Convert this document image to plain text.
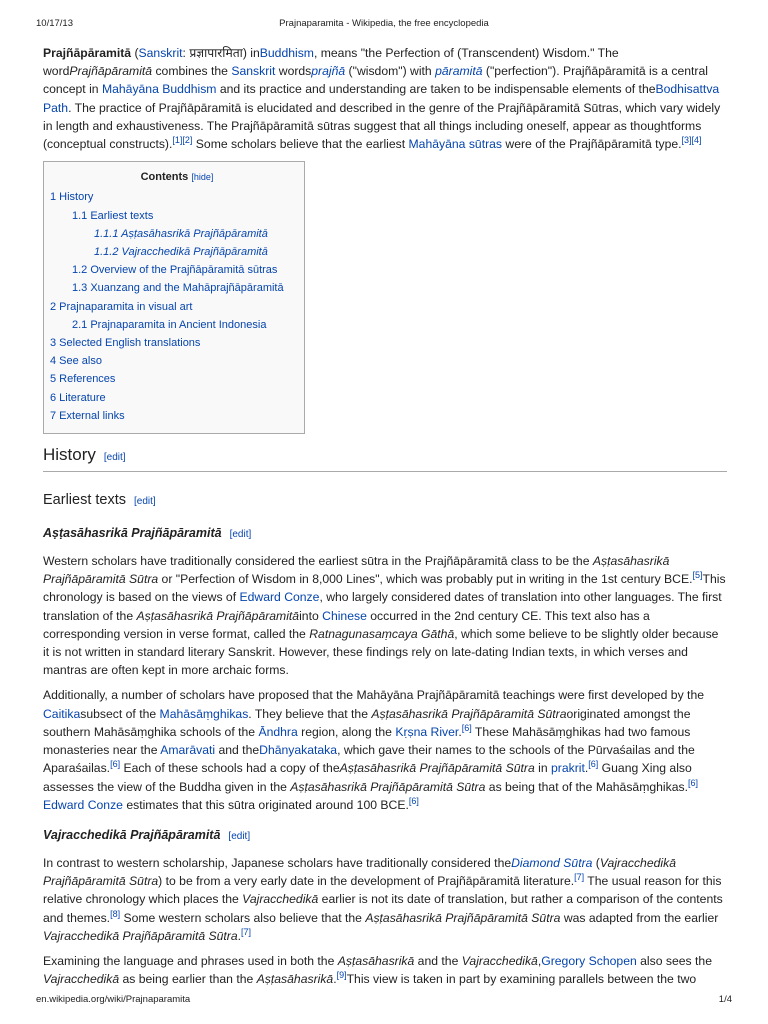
10/17/13	Prajnaparamita - Wikipedia, the free encyclopedia

Prajñāpāramitā (Sanskrit: प्रज्ञापारमिता) inBuddhism, means "the Perfection of (Transcendent) Wisdom." The wordPrajñāpāramitā combines the Sanskrit wordsprajñā ("wisdom") with pāramitā ("perfection"). Prajñāpāramitā is a central concept in Mahāyāna Buddhism and its practice and understanding are taken to be indispensable elements of theBodhisattva Path. The practice of Prajñāpāramitā is elucidated and described in the genre of the Prajñāpāramitā Sūtras, which vary widely in length and exhaustiveness. The Prajñāpāramitā sūtras suggest that all things including oneself, appear as thoughtforms (conceptual constructs).[1][2] Some scholars believe that the earliest Mahāyāna sūtras were of the Prajñāpāramitā type.[3][4]

Contents [hide]
1 History
1.1 Earliest texts
1.1.1 Aṣṭasāhasrikā Prajñāpāramitā
1.1.2 Vajracchedikā Prajñāpāramitā
1.2 Overview of the Prajñāpāramitā sūtras
1.3 Xuanzang and the Mahāprajñāpāramitā
2 Prajnaparamita in visual art
2.1 Prajnaparamita in Ancient Indonesia
3 Selected English translations
4 See also
5 References
6 Literature
7 External links
History [edit]
Earliest texts [edit]
Aṣṭasāhasrikā Prajñāpāramitā [edit]

Western scholars have traditionally considered the earliest sūtra in the Prajñāpāramitā class to be the Aṣṭasāhasrikā Prajñāpāramitā Sūtra or "Perfection of Wisdom in 8,000 Lines", which was probably put in writing in the 1st century BCE.[5]This chronology is based on the views of Edward Conze, who largely considered dates of translation into other languages. The first translation of the Aṣṭasāhasrikā Prajñāpāramitāinto Chinese occurred in the 2nd century CE. This text also has a corresponding version in verse format, called the Ratnagunasaṃcaya Gāthā, which some believe to be slightly older because it is not written in standard literary Sanskrit. However, these findings rely on late-dating Indian texts, in which verses and mantras are often kept in more archaic forms.

Additionally, a number of scholars have proposed that the Mahāyāna Prajñāpāramitā teachings were first developed by the Caitikasubsect of the Mahāsāṃghikas. They believe that the Aṣṭasāhasrikā Prajñāpāramitā Sūtraoriginated amongst the southern Mahāsāṃghika schools of the Āndhra region, along the Kṛṣna River.[6] These Mahāsāṃghikas had two famous monasteries near the Amarāvati and theDhānyakataka, which gave their names to the schools of the Pūrvaśailas and the Aparaśailas.[6] Each of these schools had a copy of theAṣṭasāhasrikā Prajñāpāramitā Sūtra in prakrit.[6] Guang Xing also assesses the view of the Buddha given in the Aṣṭasāhasrikā Prajñāpāramitā Sūtra as being that of the Mahāsāṃghikas.[6] Edward Conze estimates that this sūtra originated around 100 BCE.[6]

Vajracchedikā Prajñāpāramitā [edit]

In contrast to western scholarship, Japanese scholars have traditionally considered theDiamond Sūtra (Vajracchedikā Prajñāpāramitā Sūtra) to be from a very early date in the development of Prajñāpāramitā literature.[7] The usual reason for this relative chronology which places the Vajracchedikā earlier is not its date of translation, but rather a comparison of the contents and themes.[8] Some western scholars also believe that the Aṣṭasāhasrikā Prajñāpāramitā Sūtra was adapted from the earlier Vajracchedikā Prajñāpāramitā Sūtra.[7]

Examining the language and phrases used in both the Aṣṭasāhasrikā and the Vajracchedikā,Gregory Schopen also sees the Vajracchedikā as being earlier than the Aṣṭasāhasrikā.[9]This view is taken in part by examining parallels between the two

en.wikipedia.org/wiki/Prajnaparamita	1/4
